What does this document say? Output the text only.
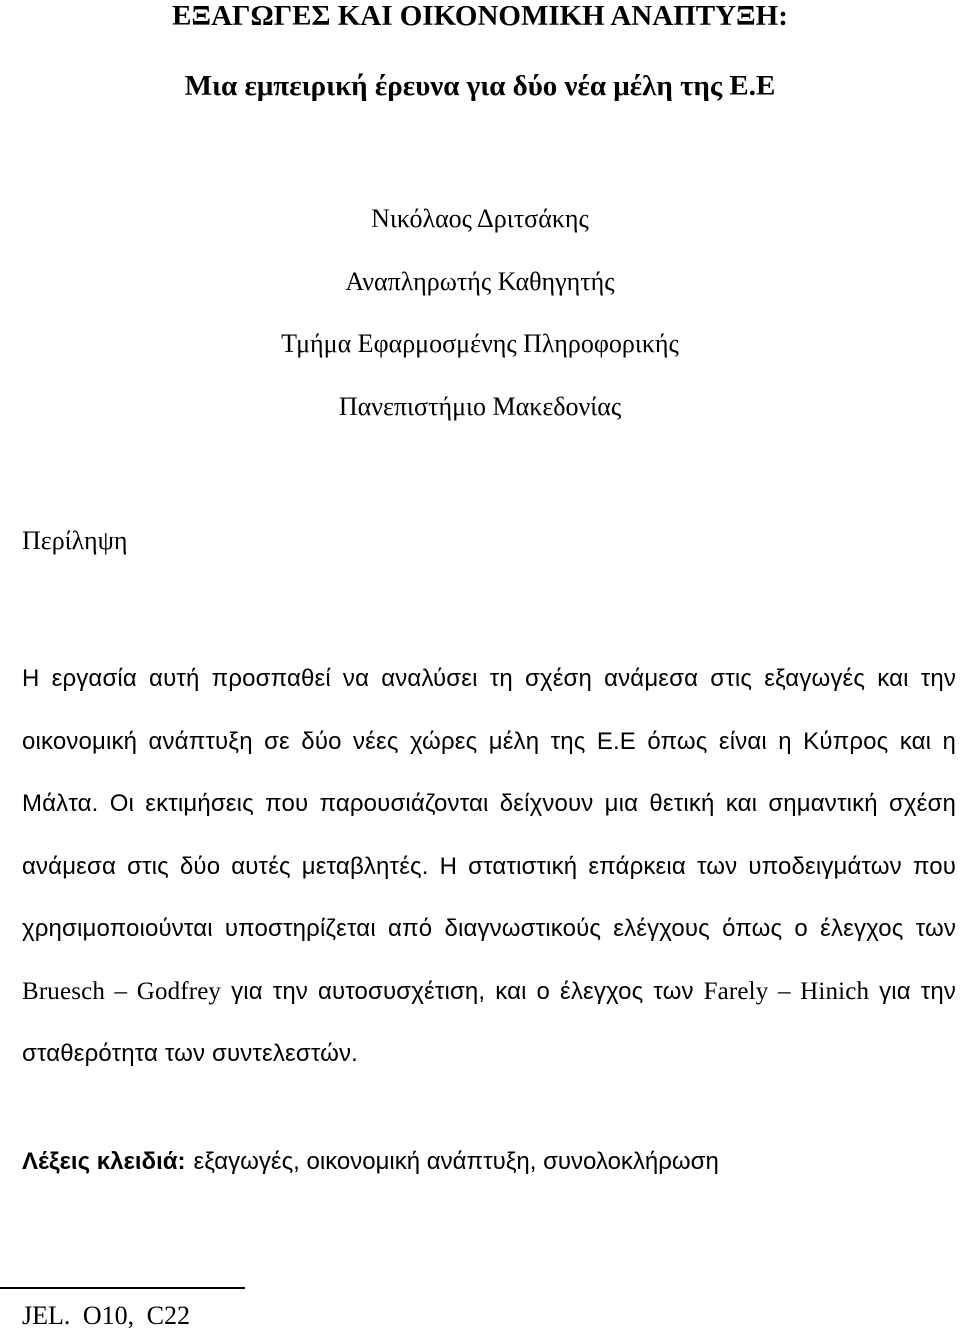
ΕΞΑΓΩΓΕΣ ΚΑΙ ΟΙΚΟΝΟΜΙΚΗ ΑΝΑΠΤΥΞΗ:
Μια εμπειρική έρευνα για δύο νέα μέλη της Ε.Ε
Νικόλαος Δριτσάκης
Αναπληρωτής Καθηγητής
Τμήμα Εφαρμοσμένης Πληροφορικής
Πανεπιστήμιο Μακεδονίας
Περίληψη

Η εργασία αυτή προσπαθεί να αναλύσει τη σχέση ανάμεσα στις εξαγωγές και την οικονομική ανάπτυξη σε δύο νέες χώρες μέλη της Ε.Ε όπως είναι η Κύπρος και η Μάλτα. Οι εκτιμήσεις που παρουσιάζονται δείχνουν μια θετική και σημαντική σχέση ανάμεσα στις δύο αυτές μεταβλητές. Η στατιστική επάρκεια των υποδειγμάτων που χρησιμοποιούνται υποστηρίζεται από διαγνωστικούς ελέγχους όπως ο έλεγχος των Bruesch – Godfrey για την αυτοσυσχέτιση, και ο έλεγχος των Farely – Hinich για την σταθερότητα των συντελεστών.

Λέξεις κλειδιά: εξαγωγές, οικονομική ανάπτυξη, συνολοκλήρωση

JEL. O10, C22
